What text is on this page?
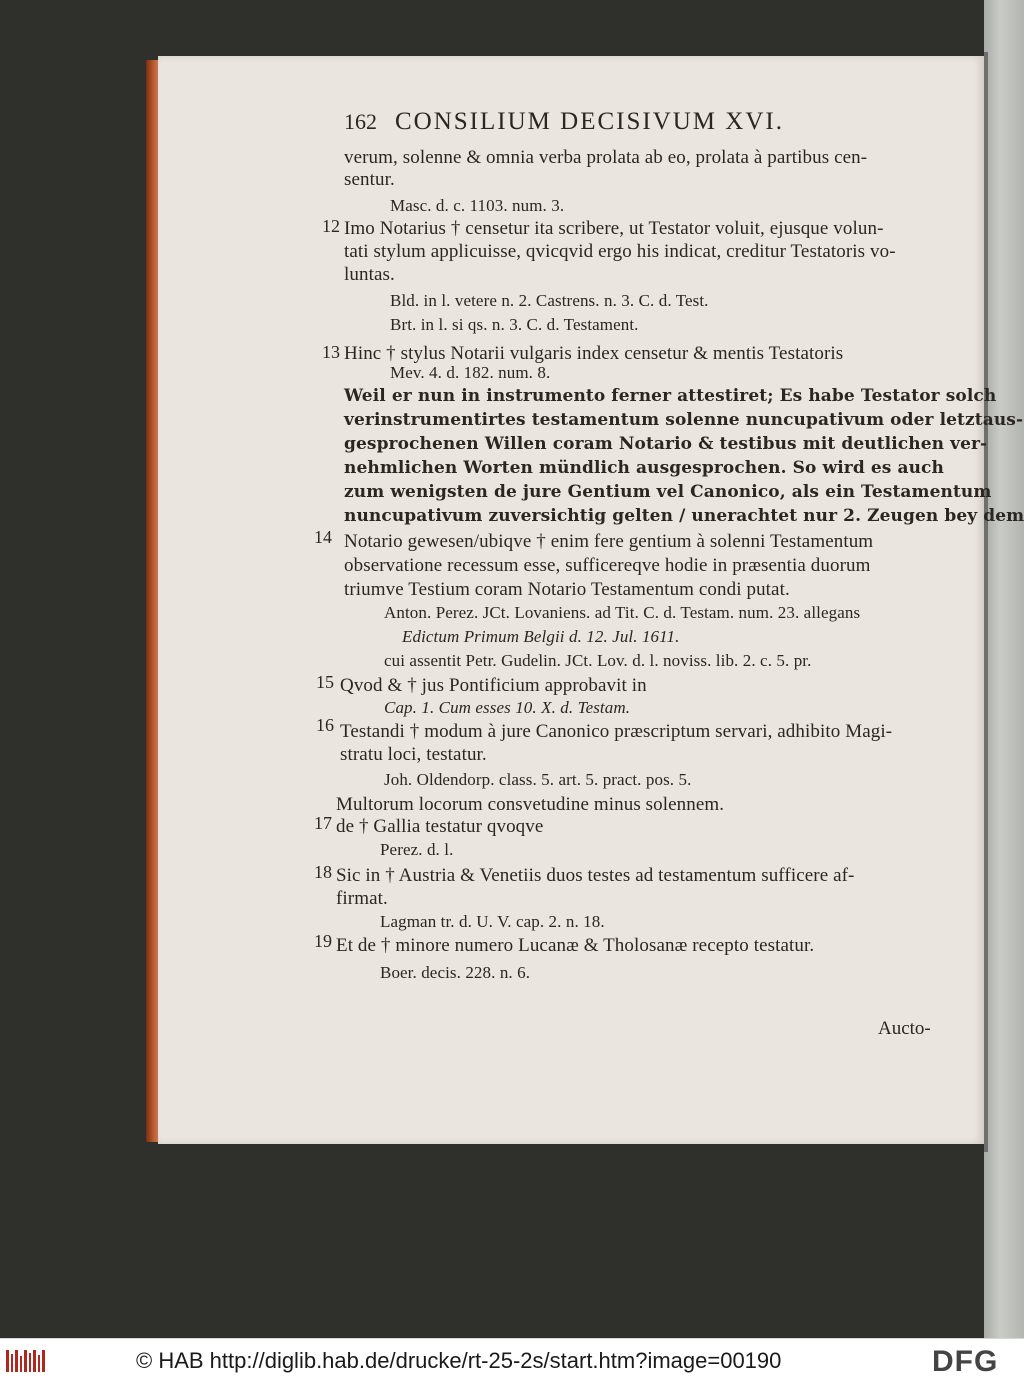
162 CONSILIUM DECISIVUM XVI.
12
13
14
15
16
17
18
19
verum, solenne & omnia verba prolata ab eo, prolata à partibus cen-
sentur.
Masc. d. c. 1103. num. 3.
Imo Notarius † censetur ita scribere, ut Testator voluit, ejusque volun-
tati stylum applicuisse, qvicqvid ergo his indicat, creditur Testatoris vo-
luntas.
Bld. in l. vetere n. 2. Castrens. n. 3. C. d. Test.
Brt. in l. si qs. n. 3. C. d. Testament.
Hinc † stylus Notarii vulgaris index censetur & mentis Testatoris
Mev. 4. d. 182. num. 8.
Weil er nun in instrumento ferner attestiret; Es habe Testator solch
verinstrumentirtes testamentum solenne nuncupativum oder letztaus-
gesprochenen Willen coram Notario & testibus mit deutlichen ver-
nehmlichen Worten mündlich ausgesprochen. So wird es auch
zum wenigsten de jure Gentium vel Canonico, als ein Testamentum
nuncupativum zuversichtig gelten / unerachtet nur 2. Zeugen bey dem
Notario gewesen/ubiqve † enim fere gentium à solenni Testamentum
observatione recessum esse, sufficereqve hodie in præsentia duorum
triumve Testium coram Notario Testamentum condi putat.
Anton. Perez. JCt. Lovaniens. ad Tit. C. d. Testam. num. 23. allegans
Edictum Primum Belgii d. 12. Jul. 1611.
cui assentit Petr. Gudelin. JCt. Lov. d. l. noviss. lib. 2. c. 5. pr.
Qvod & † jus Pontificium approbavit in
Cap. 1. Cum esses 10. X. d. Testam.
Testandi † modum à jure Canonico præscriptum servari, adhibito Magi-
stratu loci, testatur.
Joh. Oldendorp. class. 5. art. 5. pract. pos. 5.
Multorum locorum consvetudine minus solennem.
de † Gallia testatur qvoqve
Perez. d. l.
Sic in † Austria & Venetiis duos testes ad testamentum sufficere af-
firmat.
Lagman tr. d. U. V. cap. 2. n. 18.
Et de † minore numero Lucanæ & Tholosanæ recepto testatur.
Boer. decis. 228. n. 6.
Aucto-
© HAB http://diglib.hab.de/drucke/rt-25-2s/start.htm?image=00190	DFG
